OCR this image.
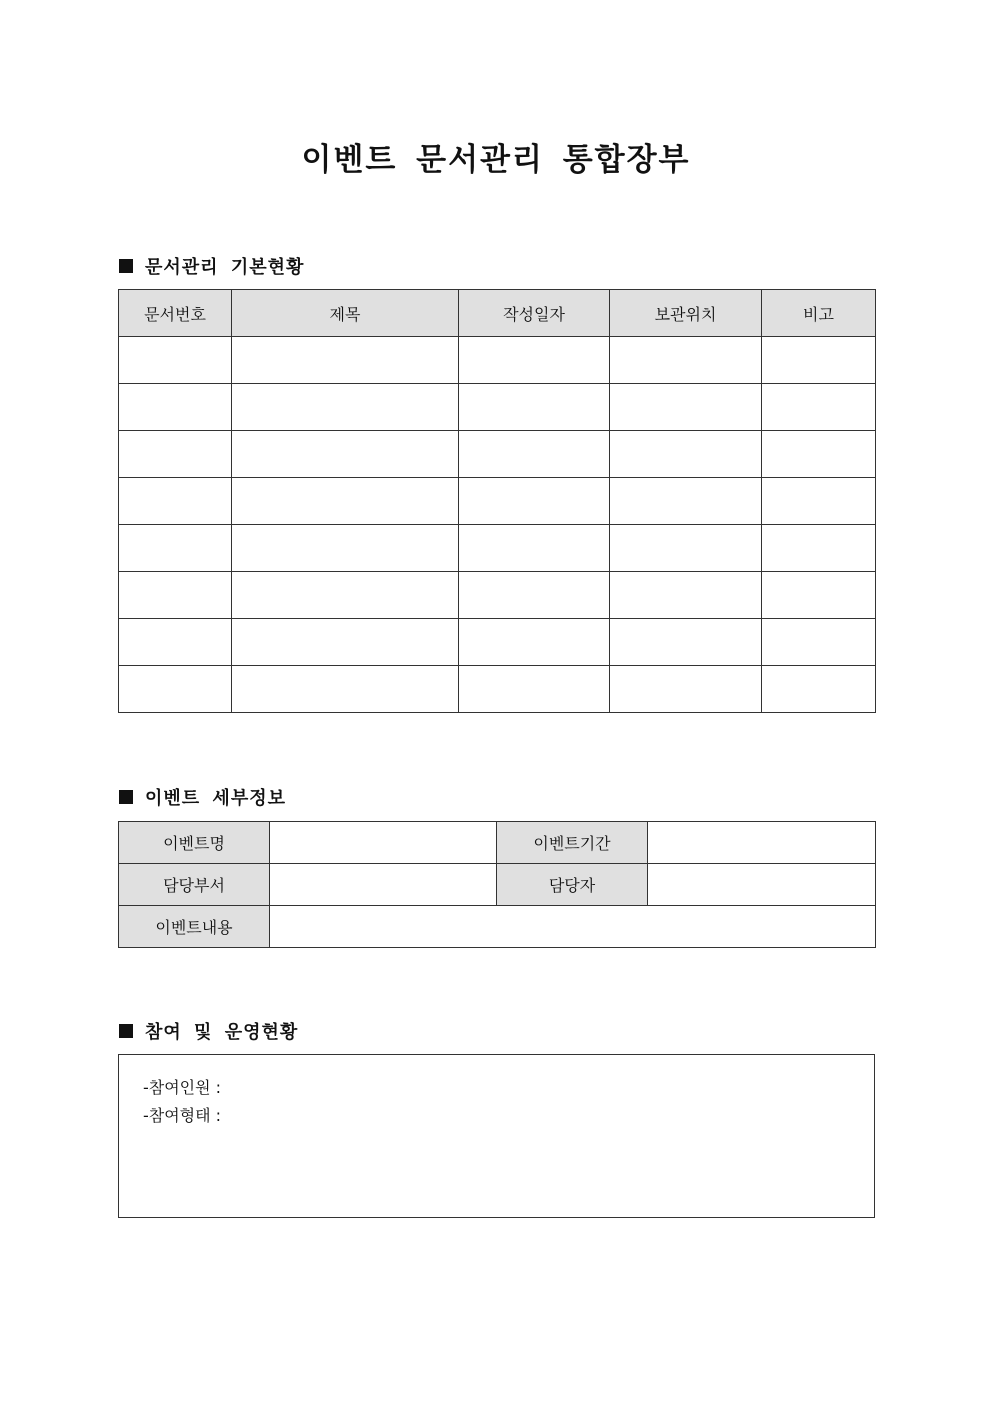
이벤트 문서관리 통합장부
문서관리 기본현황
문서번호	제목	작성일자	보관위치	비고

이벤트 세부정보
이벤트명		이벤트기간	
담당부서		담당자	
이벤트내용			
참여 및 운영현황
-참여인원 :
-참여형태 :
